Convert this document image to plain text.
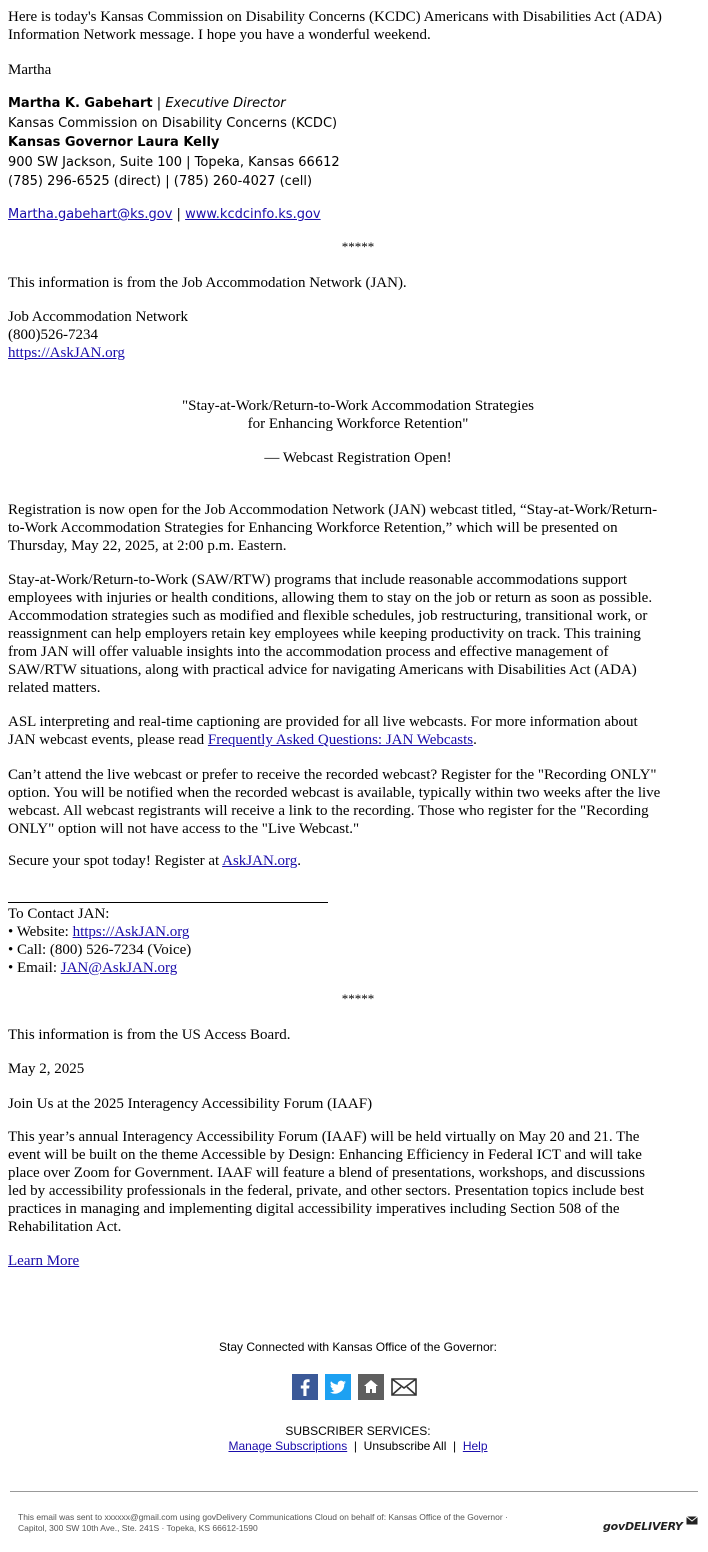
Here is today's Kansas Commission on Disability Concerns (KCDC) Americans with Disabilities Act (ADA)
Information Network message. I hope you have a wonderful weekend.
Martha
Martha K. Gabehart | Executive Director
Kansas Commission on Disability Concerns (KCDC)
Kansas Governor Laura Kelly
900 SW Jackson, Suite 100 | Topeka, Kansas 66612
(785) 296-6525 (direct) | (785) 260-4027 (cell)
Martha.gabehart@ks.gov | www.kcdcinfo.ks.gov
*****
This information is from the Job Accommodation Network (JAN).
Job Accommodation Network
(800)526-7234
https://AskJAN.org
"Stay-at-Work/Return-to-Work Accommodation Strategies
for Enhancing Workforce Retention"
— Webcast Registration Open!
Registration is now open for the Job Accommodation Network (JAN) webcast titled, “Stay-at-Work/Return-
to-Work Accommodation Strategies for Enhancing Workforce Retention,” which will be presented on
Thursday, May 22, 2025, at 2:00 p.m. Eastern.
Stay-at-Work/Return-to-Work (SAW/RTW) programs that include reasonable accommodations support
employees with injuries or health conditions, allowing them to stay on the job or return as soon as possible.
Accommodation strategies such as modified and flexible schedules, job restructuring, transitional work, or
reassignment can help employers retain key employees while keeping productivity on track. This training
from JAN will offer valuable insights into the accommodation process and effective management of
SAW/RTW situations, along with practical advice for navigating Americans with Disabilities Act (ADA)
related matters.
ASL interpreting and real-time captioning are provided for all live webcasts. For more information about
JAN webcast events, please read Frequently Asked Questions: JAN Webcasts.
Can’t attend the live webcast or prefer to receive the recorded webcast? Register for the "Recording ONLY"
option. You will be notified when the recorded webcast is available, typically within two weeks after the live
webcast. All webcast registrants will receive a link to the recording. Those who register for the "Recording
ONLY" option will not have access to the "Live Webcast."
Secure your spot today! Register at AskJAN.org.
To Contact JAN:
• Website: https://AskJAN.org
• Call: (800) 526-7234 (Voice)
• Email: JAN@AskJAN.org
*****
This information is from the US Access Board.
May 2, 2025
Join Us at the 2025 Interagency Accessibility Forum (IAAF)
This year’s annual Interagency Accessibility Forum (IAAF) will be held virtually on May 20 and 21. The
event will be built on the theme Accessible by Design: Enhancing Efficiency in Federal ICT and will take
place over Zoom for Government. IAAF will feature a blend of presentations, workshops, and discussions
led by accessibility professionals in the federal, private, and other sectors. Presentation topics include best
practices in managing and implementing digital accessibility imperatives including Section 508 of the
Rehabilitation Act.
Learn More
Stay Connected with Kansas Office of the Governor:
SUBSCRIBER SERVICES:
Manage Subscriptions  |  Unsubscribe All  |  Help
This email was sent to xxxxxx@gmail.com using govDelivery Communications Cloud on behalf of: Kansas Office of the Governor ·
Capitol, 300 SW 10th Ave., Ste. 241S · Topeka, KS 66612-1590	govDELIVERY
